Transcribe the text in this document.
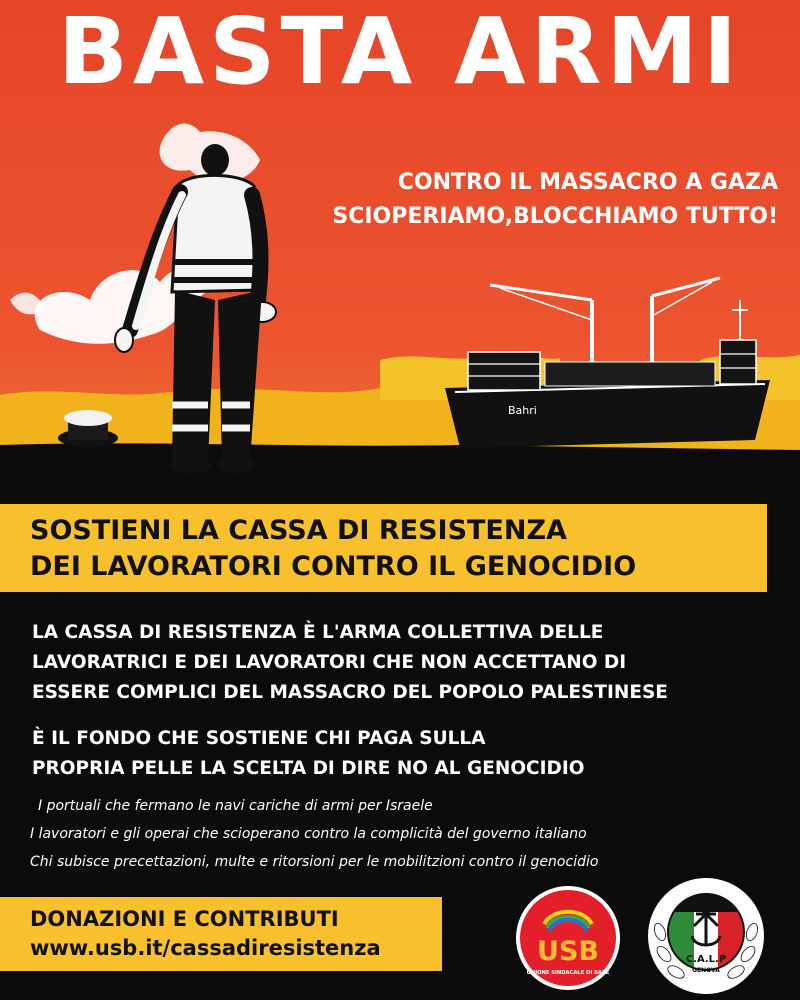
Bahri
BASTA ARMI
CONTRO IL MASSACRO A GAZA
SCIOPERIAMO,BLOCCHIAMO TUTTO!
SOSTIENI LA CASSA DI RESISTENZA
DEI LAVORATORI CONTRO IL GENOCIDIO
LA CASSA DI RESISTENZA È L'ARMA COLLETTIVA DELLE
LAVORATRICI E DEI LAVORATORI CHE NON ACCETTANO DI
ESSERE COMPLICI DEL MASSACRO DEL POPOLO PALESTINESE
È IL FONDO CHE SOSTIENE CHI PAGA SULLA
PROPRIA PELLE LA SCELTA DI DIRE NO AL GENOCIDIO
I portuali che fermano le navi cariche di armi per Israele
I lavoratori e gli operai che scioperano contro la complicità del governo italiano
Chi subisce precettazioni, multe e ritorsioni per le mobilitzioni contro il genocidio
DONAZIONI E CONTRIBUTI
www.usb.it/cassadiresistenza	USB
UNIONE SINDACALE DI BASE
C.A.L.P
GENOVA
